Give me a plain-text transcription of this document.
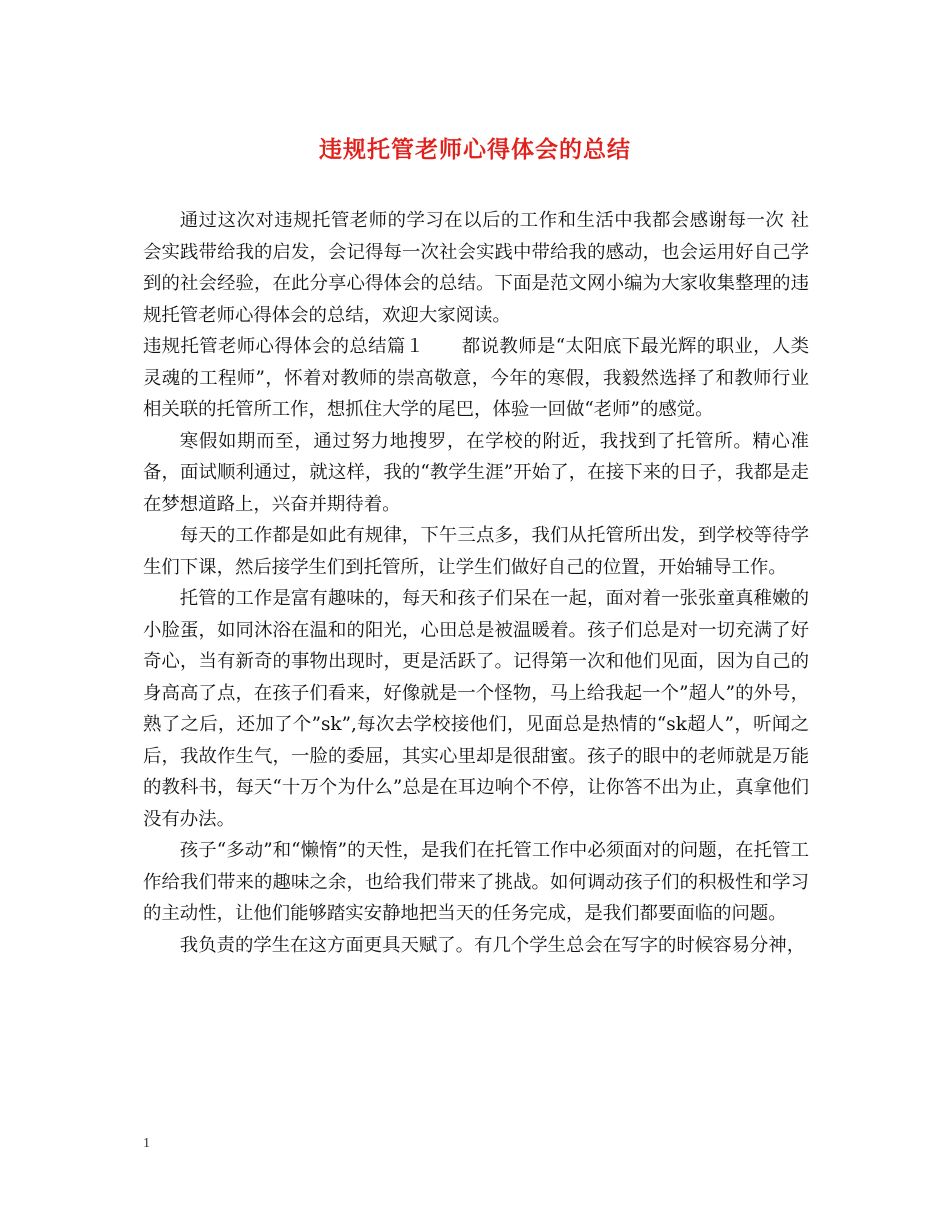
违规托管老师心得体会的总结

通过这次对违规托管老师的学习在以后的工作和生活中我都会感谢每一次 社会实践带给我的启发，会记得每一次社会实践中带给我的感动，也会运用好自己学到的社会经验，在此分享心得体会的总结。下面是范文网小编为大家收集整理的违规托管老师心得体会的总结，欢迎大家阅读。

违规托管老师心得体会的总结篇１　　都说教师是“太阳底下最光辉的职业，人类灵魂的工程师”，怀着对教师的崇高敬意，今年的寒假，我毅然选择了和教师行业相关联的托管所工作，想抓住大学的尾巴，体验一回做“老师”的感觉。

寒假如期而至，通过努力地搜罗，在学校的附近，我找到了托管所。精心准备，面试顺利通过，就这样，我的“教学生涯”开始了，在接下来的日子，我都是走在梦想道路上，兴奋并期待着。

每天的工作都是如此有规律，下午三点多，我们从托管所出发，到学校等待学生们下课，然后接学生们到托管所，让学生们做好自己的位置，开始辅导工作。

托管的工作是富有趣味的，每天和孩子们呆在一起，面对着一张张童真稚嫩的小脸蛋，如同沐浴在温和的阳光，心田总是被温暖着。孩子们总是对一切充满了好奇心，当有新奇的事物出现时，更是活跃了。记得第一次和他们见面，因为自己的身高高了点，在孩子们看来，好像就是一个怪物，马上给我起一个”超人”的外号，熟了之后，还加了个”sk”,每次去学校接他们，见面总是热情的“sk超人”，听闻之后，我故作生气，一脸的委屈，其实心里却是很甜蜜。孩子的眼中的老师就是万能的教科书，每天“十万个为什么”总是在耳边响个不停，让你答不出为止，真拿他们没有办法。

孩子“多动”和“懒惰”的天性，是我们在托管工作中必须面对的问题，在托管工作给我们带来的趣味之余，也给我们带来了挑战。如何调动孩子们的积极性和学习的主动性，让他们能够踏实安静地把当天的任务完成，是我们都要面临的问题。

我负责的学生在这方面更具天赋了。有几个学生总会在写字的时候容易分神，

1
